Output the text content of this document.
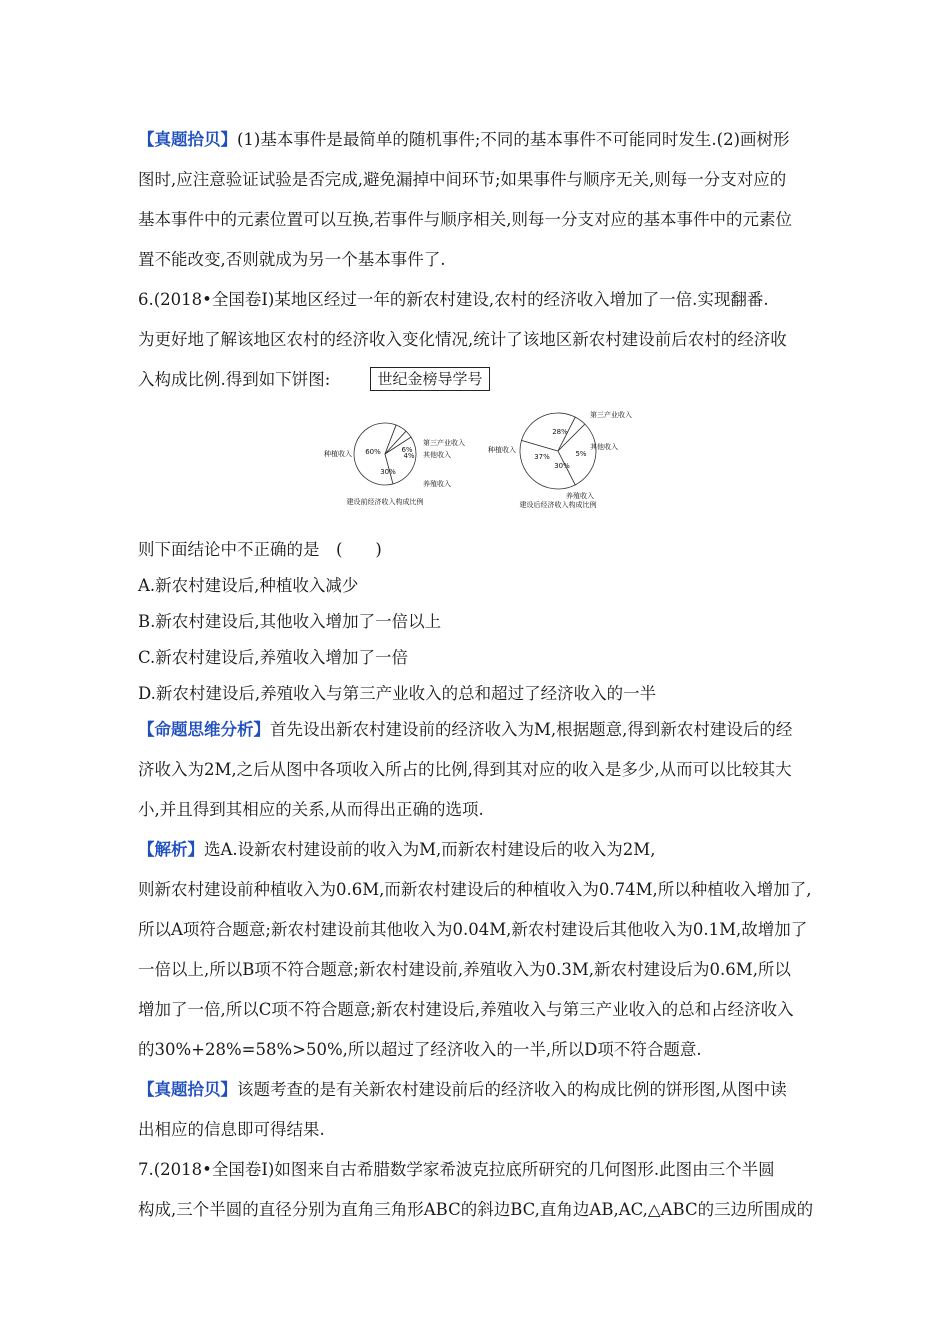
【真题拾贝】(1)基本事件是最简单的随机事件;不同的基本事件不可能同时发生.(2)画树形
图时,应注意验证试验是否完成,避免漏掉中间环节;如果事件与顺序无关,则每一分支对应的
基本事件中的元素位置可以互换,若事件与顺序相关,则每一分支对应的基本事件中的元素位
置不能改变,否则就成为另一个基本事件了.
6.(2018•全国卷Ⅰ)某地区经过一年的新农村建设,农村的经济收入增加了一倍.实现翻番.
为更好地了解该地区农村的经济收入变化情况,统计了该地区新农村建设前后农村的经济收
入构成比例.得到如下饼图:
则下面结论中不正确的是　(　　)
A.新农村建设后,种植收入减少
B.新农村建设后,其他收入增加了一倍以上
C.新农村建设后,养殖收入增加了一倍
D.新农村建设后,养殖收入与第三产业收入的总和超过了经济收入的一半
【命题思维分析】首先设出新农村建设前的经济收入为M,根据题意,得到新农村建设后的经
济收入为2M,之后从图中各项收入所占的比例,得到其对应的收入是多少,从而可以比较其大
小,并且得到其相应的关系,从而得出正确的选项.
【解析】选A.设新农村建设前的收入为M,而新农村建设后的收入为2M,
则新农村建设前种植收入为0.6M,而新农村建设后的种植收入为0.74M,所以种植收入增加了,
所以A项符合题意;新农村建设前其他收入为0.04M,新农村建设后其他收入为0.1M,故增加了
一倍以上,所以B项不符合题意;新农村建设前,养殖收入为0.3M,新农村建设后为0.6M,所以
增加了一倍,所以C项不符合题意;新农村建设后,养殖收入与第三产业收入的总和占经济收入
的30%+28%=58%>50%,所以超过了经济收入的一半,所以D项不符合题意.
【真题拾贝】该题考查的是有关新农村建设前后的经济收入的构成比例的饼形图,从图中读
出相应的信息即可得结果.
7.(2018•全国卷Ⅰ)如图来自古希腊数学家希波克拉底所研究的几何图形.此图由三个半圆
构成,三个半圆的直径分别为直角三角形ABC的斜边BC,直角边AB,AC,△ABC的三边所围成的
世纪金榜导学号
60%
种植收入	6%
第三产业收入
4% 其他收入
30%
养殖收入
建设前经济收入构成比例
37%
种植收入
28%
第三产业收入
5%
其他收入
30%
养殖收入
建设后经济收入构成比例
